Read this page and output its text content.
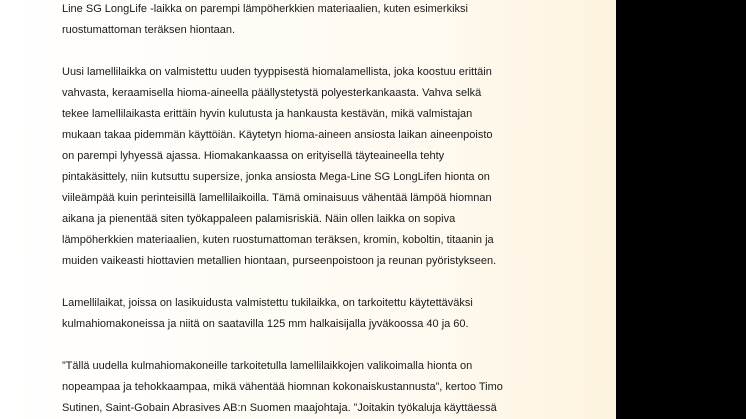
Line SG LongLife -laikka on parempi lämpöherkkien materiaalien, kuten esimerkiksi
ruostumattoman teräksen hiontaan.
Uusi lamellilaikka on valmistettu uuden tyyppisestä hiomalamellista, joka koostuu erittäin
vahvasta, keraamisella hioma-aineella päällystetystä polyesterkankaasta. Vahva selkä
tekee lamellilaikasta erittäin hyvin kulutusta ja hankausta kestävän, mikä valmistajan
mukaan takaa pidemmän käyttöiän. Käytetyn hioma-aineen ansiosta laikan aineenpoisto
on parempi lyhyessä ajassa. Hiomakankaassa on erityisellä täyteaineella tehty
pintakäsittely, niin kutsuttu supersize, jonka ansiosta Mega-Line SG LongLifen hionta on
viileämpää kuin perinteisillä lamellilaikoilla. Tämä ominaisuus vähentää lämpöä hiomnan
aikana ja pienentää siten työkappaleen palamisriskiä. Näin ollen laikka on sopiva
lämpöherkkien materiaalien, kuten ruostumattoman teräksen, kromin, koboltin, titaanin ja
muiden vaikeasti hiottavien metallien hiontaan, purseenpoistoon ja reunan pyöristykseen.
Lamellilaikat, joissa on lasikuidusta valmistettu tukilaikka, on tarkoitettu käytettäväksi
kulmahiomakoneissa ja niitä on saatavilla 125 mm halkaisijalla jyväkoossa 40 ja 60.
”Tällä uudella kulmahiomakoneille tarkoitetulla lamellilaikkojen valikoimalla hionta on
nopeampaa ja tehokkaampaa, mikä vähentää hiomnan kokonaiskustannusta”, kertoo Timo
Sutinen, Saint-Gobain Abrasives AB:n Suomen maajohtaja. ”Joitakin työkaluja käyttäessä
